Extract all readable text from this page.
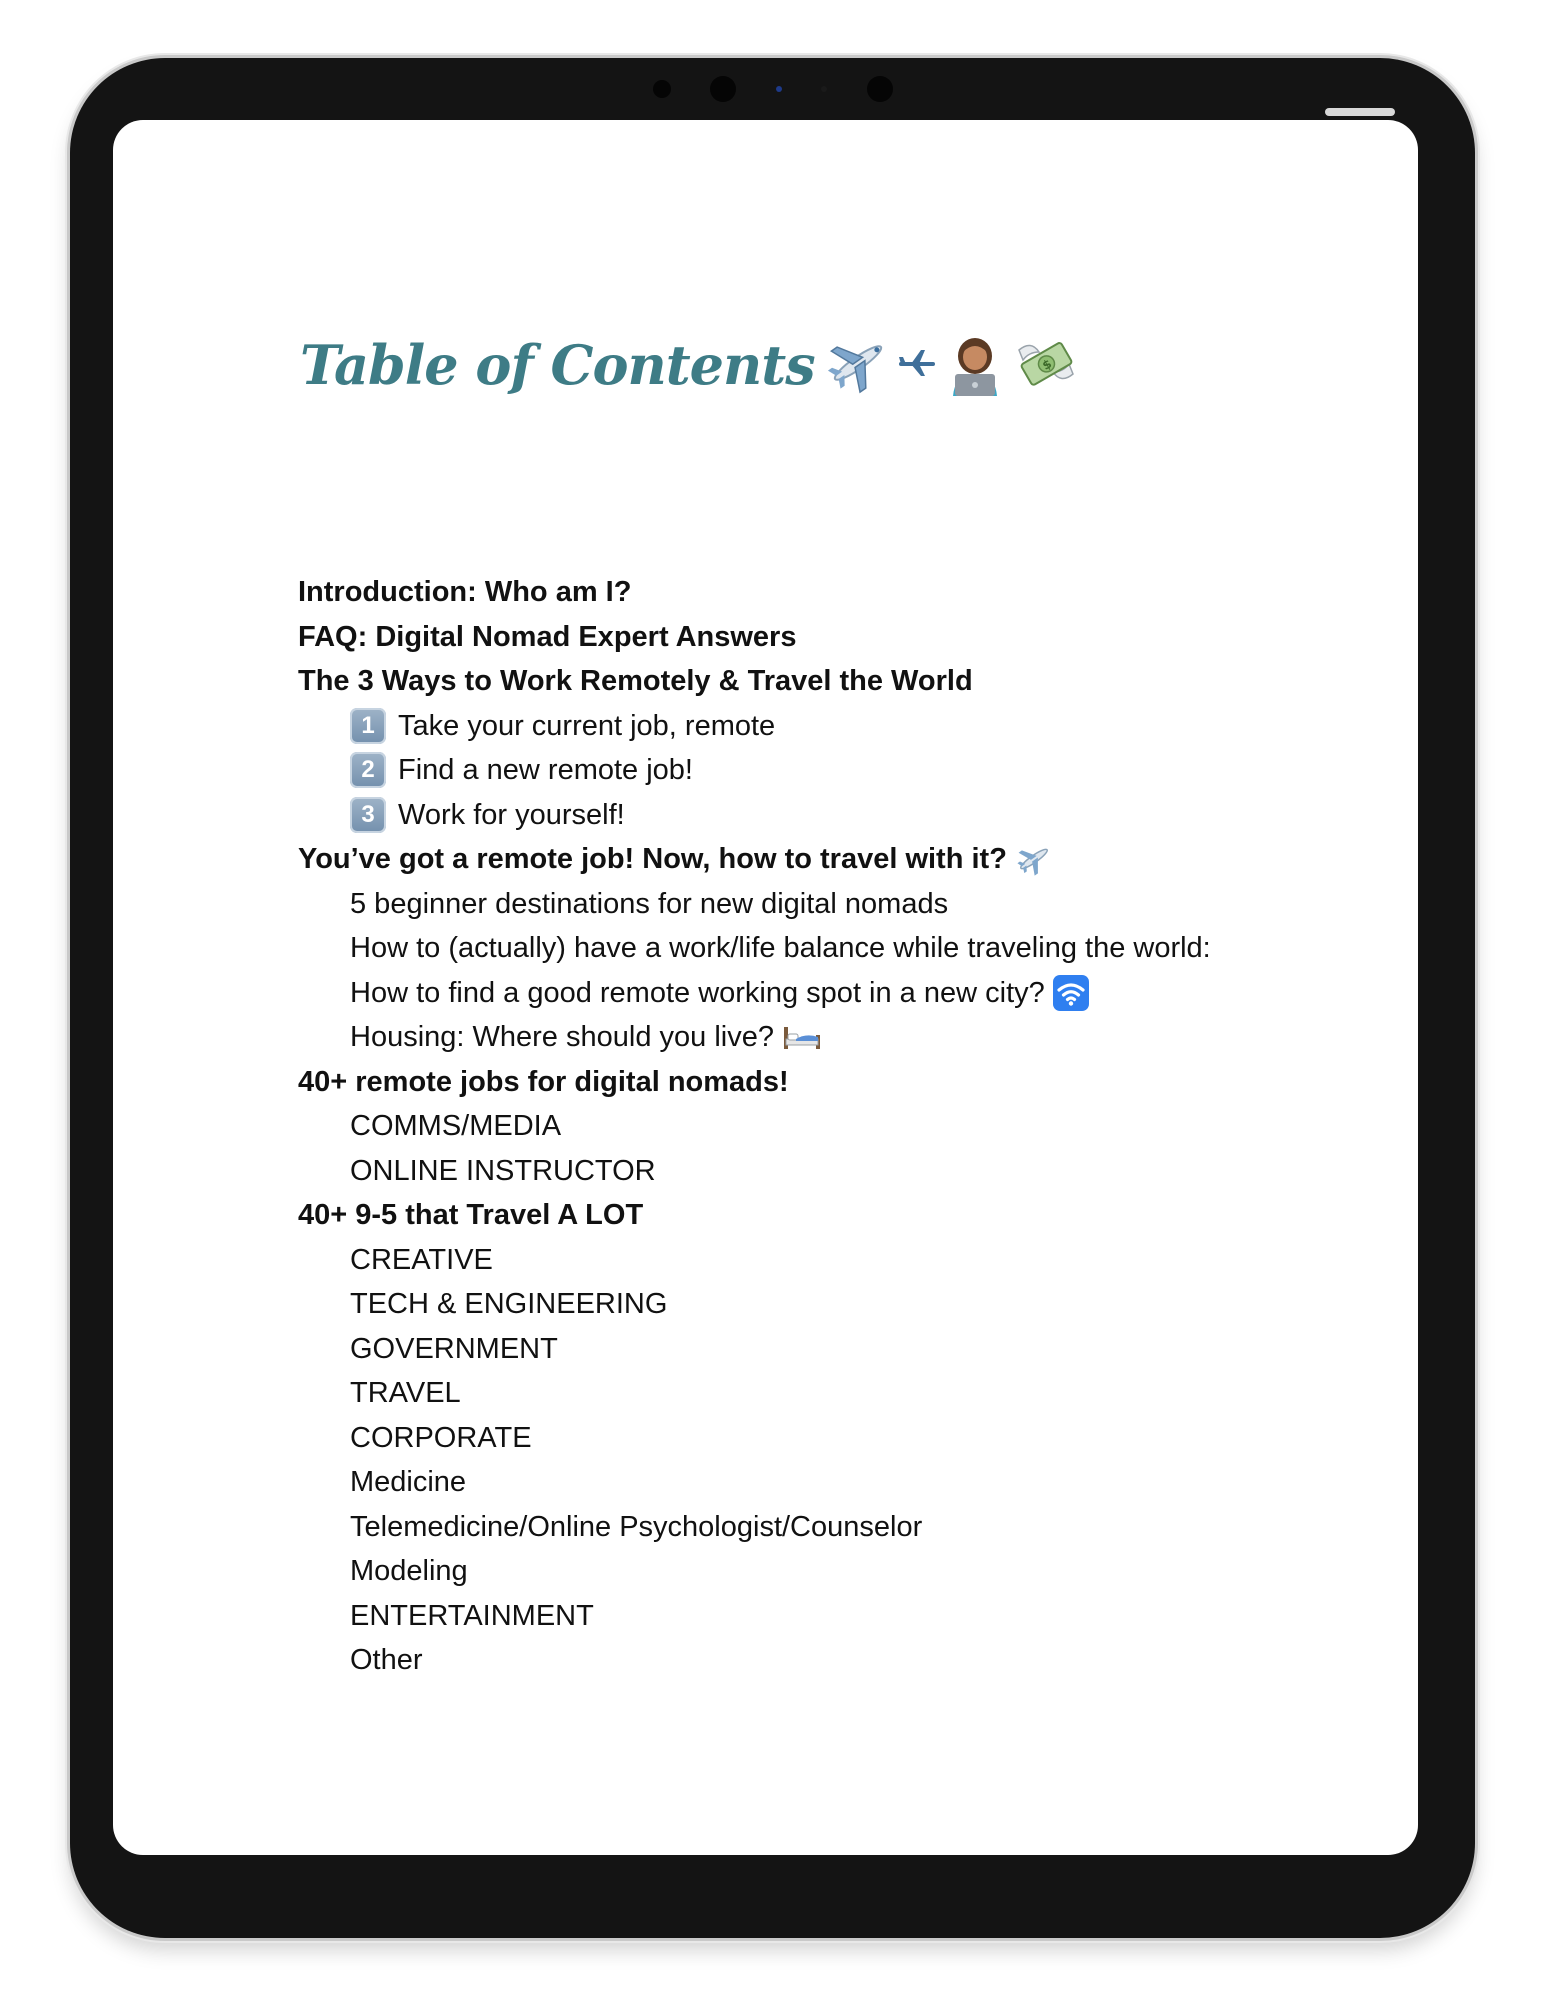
Table of Contents	$
Introduction: Who am I?
FAQ: Digital Nomad Expert Answers
The 3 Ways to Work Remotely & Travel the World
1 Take your current job, remote
2 Find a new remote job!
3 Work for yourself!
You’ve got a remote job! Now, how to travel with it?
5 beginner destinations for new digital nomads
How to (actually) have a work/life balance while traveling the world:
How to find a good remote working spot in a new city?
Housing: Where should you live?
40+ remote jobs for digital nomads!
COMMS/MEDIA
ONLINE INSTRUCTOR
40+ 9-5 that Travel A LOT
CREATIVE
TECH & ENGINEERING
GOVERNMENT
TRAVEL
CORPORATE
Medicine
Telemedicine/Online Psychologist/Counselor
Modeling
ENTERTAINMENT
Other
